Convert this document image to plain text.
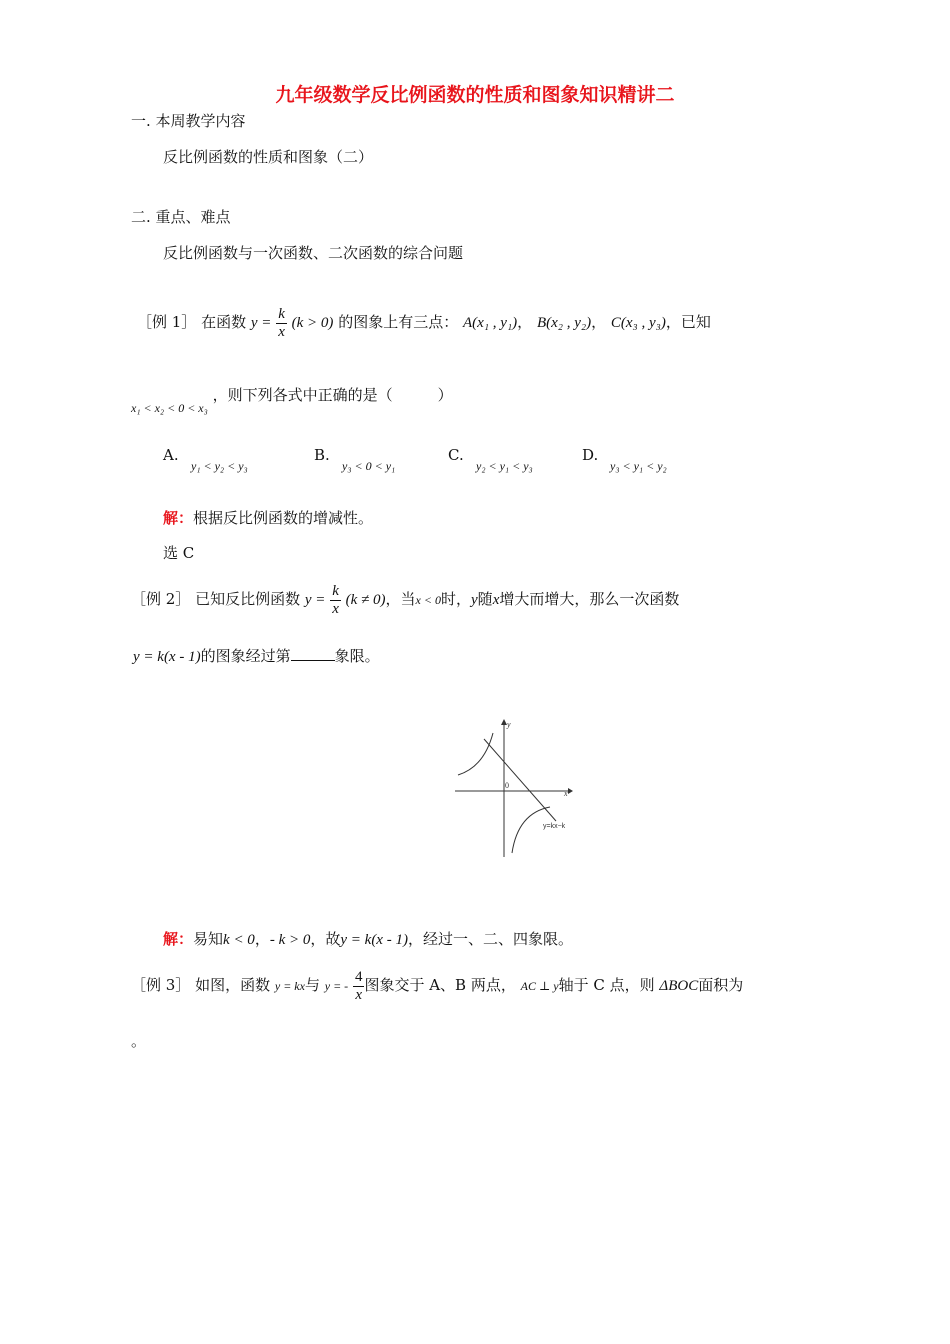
九年级数学反比例函数的性质和图象知识精讲二
一. 本周教学内容
反比例函数的性质和图象（二）
二. 重点、难点
反比例函数与一次函数、二次函数的综合问题
［例 1］ 在函数 $y = \frac{k}{x} (k > 0)$ 的图象上有三点： A(x₁ , y₁)， B(x₂ , y₂)， C(x₃ , y₃)，已知
$_{x_1 < x_2 < 0 < x_3}$ ，则下列各式中正确的是（　　　）
A.
y₁ < y₂ < y₃
B.
y₃ < 0 < y₁
C.
y₂ < y₁ < y₃
D.
y₃ < y₁ < y₂
解：根据反比例函数的增减性。
选 C
［例 2］ 已知反比例函数 $y = \frac{k}{x} (k \ne 0)$，当x < 0时，y随x增大而增大，那么一次函数
y = k(x - 1)的图象经过第	象限。
y
x
0
y=kx−k
解：易知k < 0，- k > 0，故y = k(x - 1)，经过一、二、四象限。
［例 3］ 如图，函数 y = kx与 y = - $\frac{4}{x}$ 图象交于 A、B 两点， AC ⊥ y轴于 C 点，则 ΔBOC面积为
。
